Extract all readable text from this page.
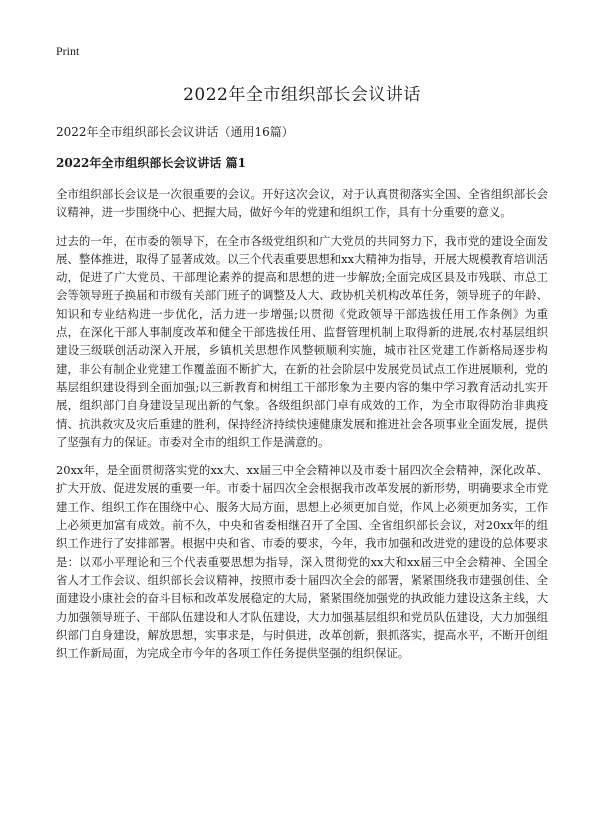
Print
2022年全市组织部长会议讲话
2022年全市组织部长会议讲话（通用16篇）
2022年全市组织部长会议讲话 篇1

全市组织部长会议是一次很重要的会议。开好这次会议，对于认真贯彻落实全国、全省组织部长会议精神，进一步围绕中心、把握大局，做好今年的党建和组织工作，具有十分重要的意义。

过去的一年，在市委的领导下，在全市各级党组织和广大党员的共同努力下，我市党的建设全面发展、整体推进，取得了显著成效。以三个代表重要思想和xx大精神为指导，开展大规模教育培训活动，促进了广大党员、干部理论素养的提高和思想的进一步解放;全面完成区县及市残联、市总工会等领导班子换届和市级有关部门班子的调整及人大、政协机关机构改革任务，领导班子的年龄、知识和专业结构进一步优化，活力进一步增强;以贯彻《党政领导干部选拔任用工作条例》为重点，在深化干部人事制度改革和健全干部选拔任用、监督管理机制上取得新的进展,农村基层组织建设三级联创活动深入开展，乡镇机关思想作风整顿顺利实施，城市社区党建工作新格局逐步构建，非公有制企业党建工作覆盖面不断扩大，在新的社会阶层中发展党员试点工作进展顺利，党的基层组织建设得到全面加强;以三新教育和树组工干部形象为主要内容的集中学习教育活动扎实开展，组织部门自身建设呈现出新的气象。各级组织部门卓有成效的工作，为全市取得防治非典疫情、抗洪救灾及灾后重建的胜利，保持经济持续快速健康发展和推进社会各项事业全面发展，提供了坚强有力的保证。市委对全市的组织工作是满意的。

20xx年，是全面贯彻落实党的xx大、xx届三中全会精神以及市委十届四次全会精神，深化改革、扩大开放、促进发展的重要一年。市委十届四次全会根据我市改革发展的新形势，明确要求全市党建工作、组织工作在围绕中心、服务大局方面，思想上必须更加自觉，作风上必须更加务实，工作上必须更加富有成效。前不久，中央和省委相继召开了全国、全省组织部长会议，对20xx年的组织工作进行了安排部署。根据中央和省、市委的要求，今年，我市加强和改进党的建设的总体要求是：以邓小平理论和三个代表重要思想为指导，深入贯彻党的xx大和xx届三中全会精神、全国全省人才工作会议、组织部长会议精神，按照市委十届四次全会的部署，紧紧围绕我市建强创佳、全面建设小康社会的奋斗目标和改革发展稳定的大局，紧紧围绕加强党的执政能力建设这条主线，大力加强领导班子、干部队伍建设和人才队伍建设，大力加强基层组织和党员队伍建设，大力加强组织部门自身建设，解放思想，实事求是，与时俱进，改革创新，狠抓落实，提高水平，不断开创组织工作新局面，为完成全市今年的各项工作任务提供坚强的组织保证。
